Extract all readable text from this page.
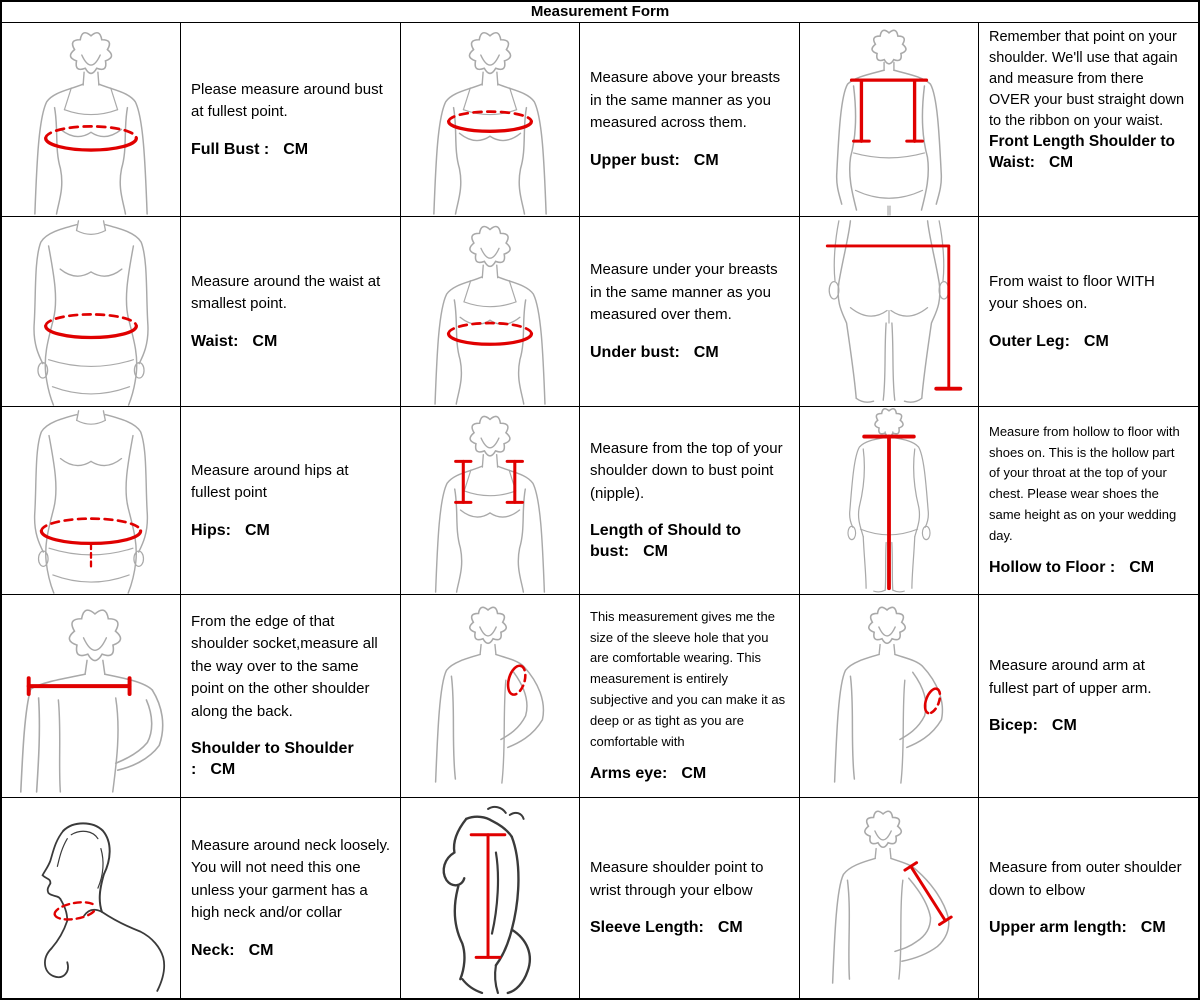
Measurement Form
Please measure around bust at fullest point.
Full Bust : CM
Measure above your breasts in the same manner as you measured across them.
Upper bust: CM
Remember that point on your shoulder. We'll use that again and measure from there OVER your bust straight down to the ribbon on your waist.
Front Length Shoulder to Waist: CM
Measure around the waist at smallest point.
Waist: CM
Measure under your breasts in the same manner as you measured over them.
Under bust: CM
From waist to floor WITH your shoes on.
Outer Leg: CM
Measure around hips at fullest point
Hips: CM
Measure from the top of your shoulder down to bust point (nipple).
Length of Should to bust: CM
Measure from hollow to floor with shoes on. This is the hollow part of your throat at the top of your chest. Please wear shoes the same height as on your wedding day.
Hollow to Floor : CM
From the edge of that shoulder socket,measure all the way over to the same point on the other shoulder along the back.
Shoulder to Shoulder : CM
This measurement gives me the size of the sleeve hole that you are comfortable wearing. This measurement is entirely subjective and you can make it as deep or as tight as you are comfortable with
Arms eye: CM
Measure around arm at fullest part of upper arm.
Bicep: CM
Measure around neck loosely. You will not need this one unless your garment has a high neck and/or collar
Neck: CM
Measure shoulder point to wrist through your elbow
Sleeve Length: CM
Measure from outer shoulder down to elbow
Upper arm length: CM
